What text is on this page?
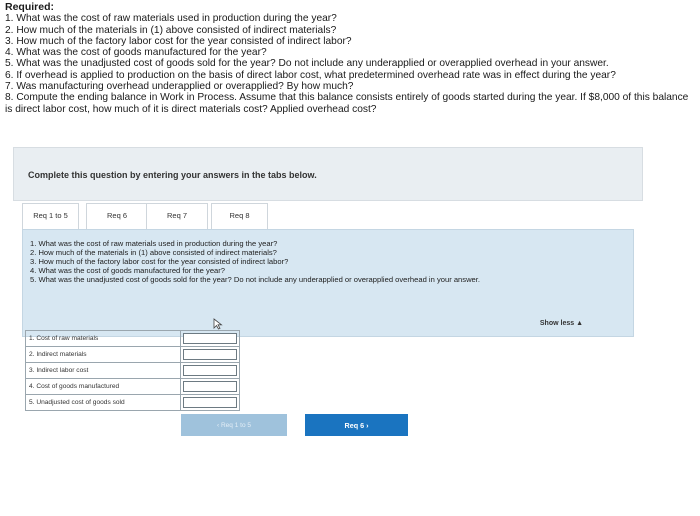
Required:
1. What was the cost of raw materials used in production during the year?
2. How much of the materials in (1) above consisted of indirect materials?
3. How much of the factory labor cost for the year consisted of indirect labor?
4. What was the cost of goods manufactured for the year?
5. What was the unadjusted cost of goods sold for the year? Do not include any underapplied or overapplied overhead in your answer.
6. If overhead is applied to production on the basis of direct labor cost, what predetermined overhead rate was in effect during the year?
7. Was manufacturing overhead underapplied or overapplied? By how much?
8. Compute the ending balance in Work in Process. Assume that this balance consists entirely of goods started during the year. If $8,000 of this balance is direct labor cost, how much of it is direct materials cost? Applied overhead cost?
Complete this question by entering your answers in the tabs below.
Req 1 to 5	Req 6	Req 7	Req 8
1. What was the cost of raw materials used in production during the year?
2. How much of the materials in (1) above consisted of indirect materials?
3. How much of the factory labor cost for the year consisted of indirect labor?
4. What was the cost of goods manufactured for the year?
5. What was the unadjusted cost of goods sold for the year? Do not include any underapplied or overapplied overhead in your answer.
Show less ▲
1. Cost of raw materials	
2. Indirect materials	
3. Indirect labor cost	
4. Cost of goods manufactured	
5. Unadjusted cost of goods sold	
‹ Req 1 to 5	Req 6 ›
